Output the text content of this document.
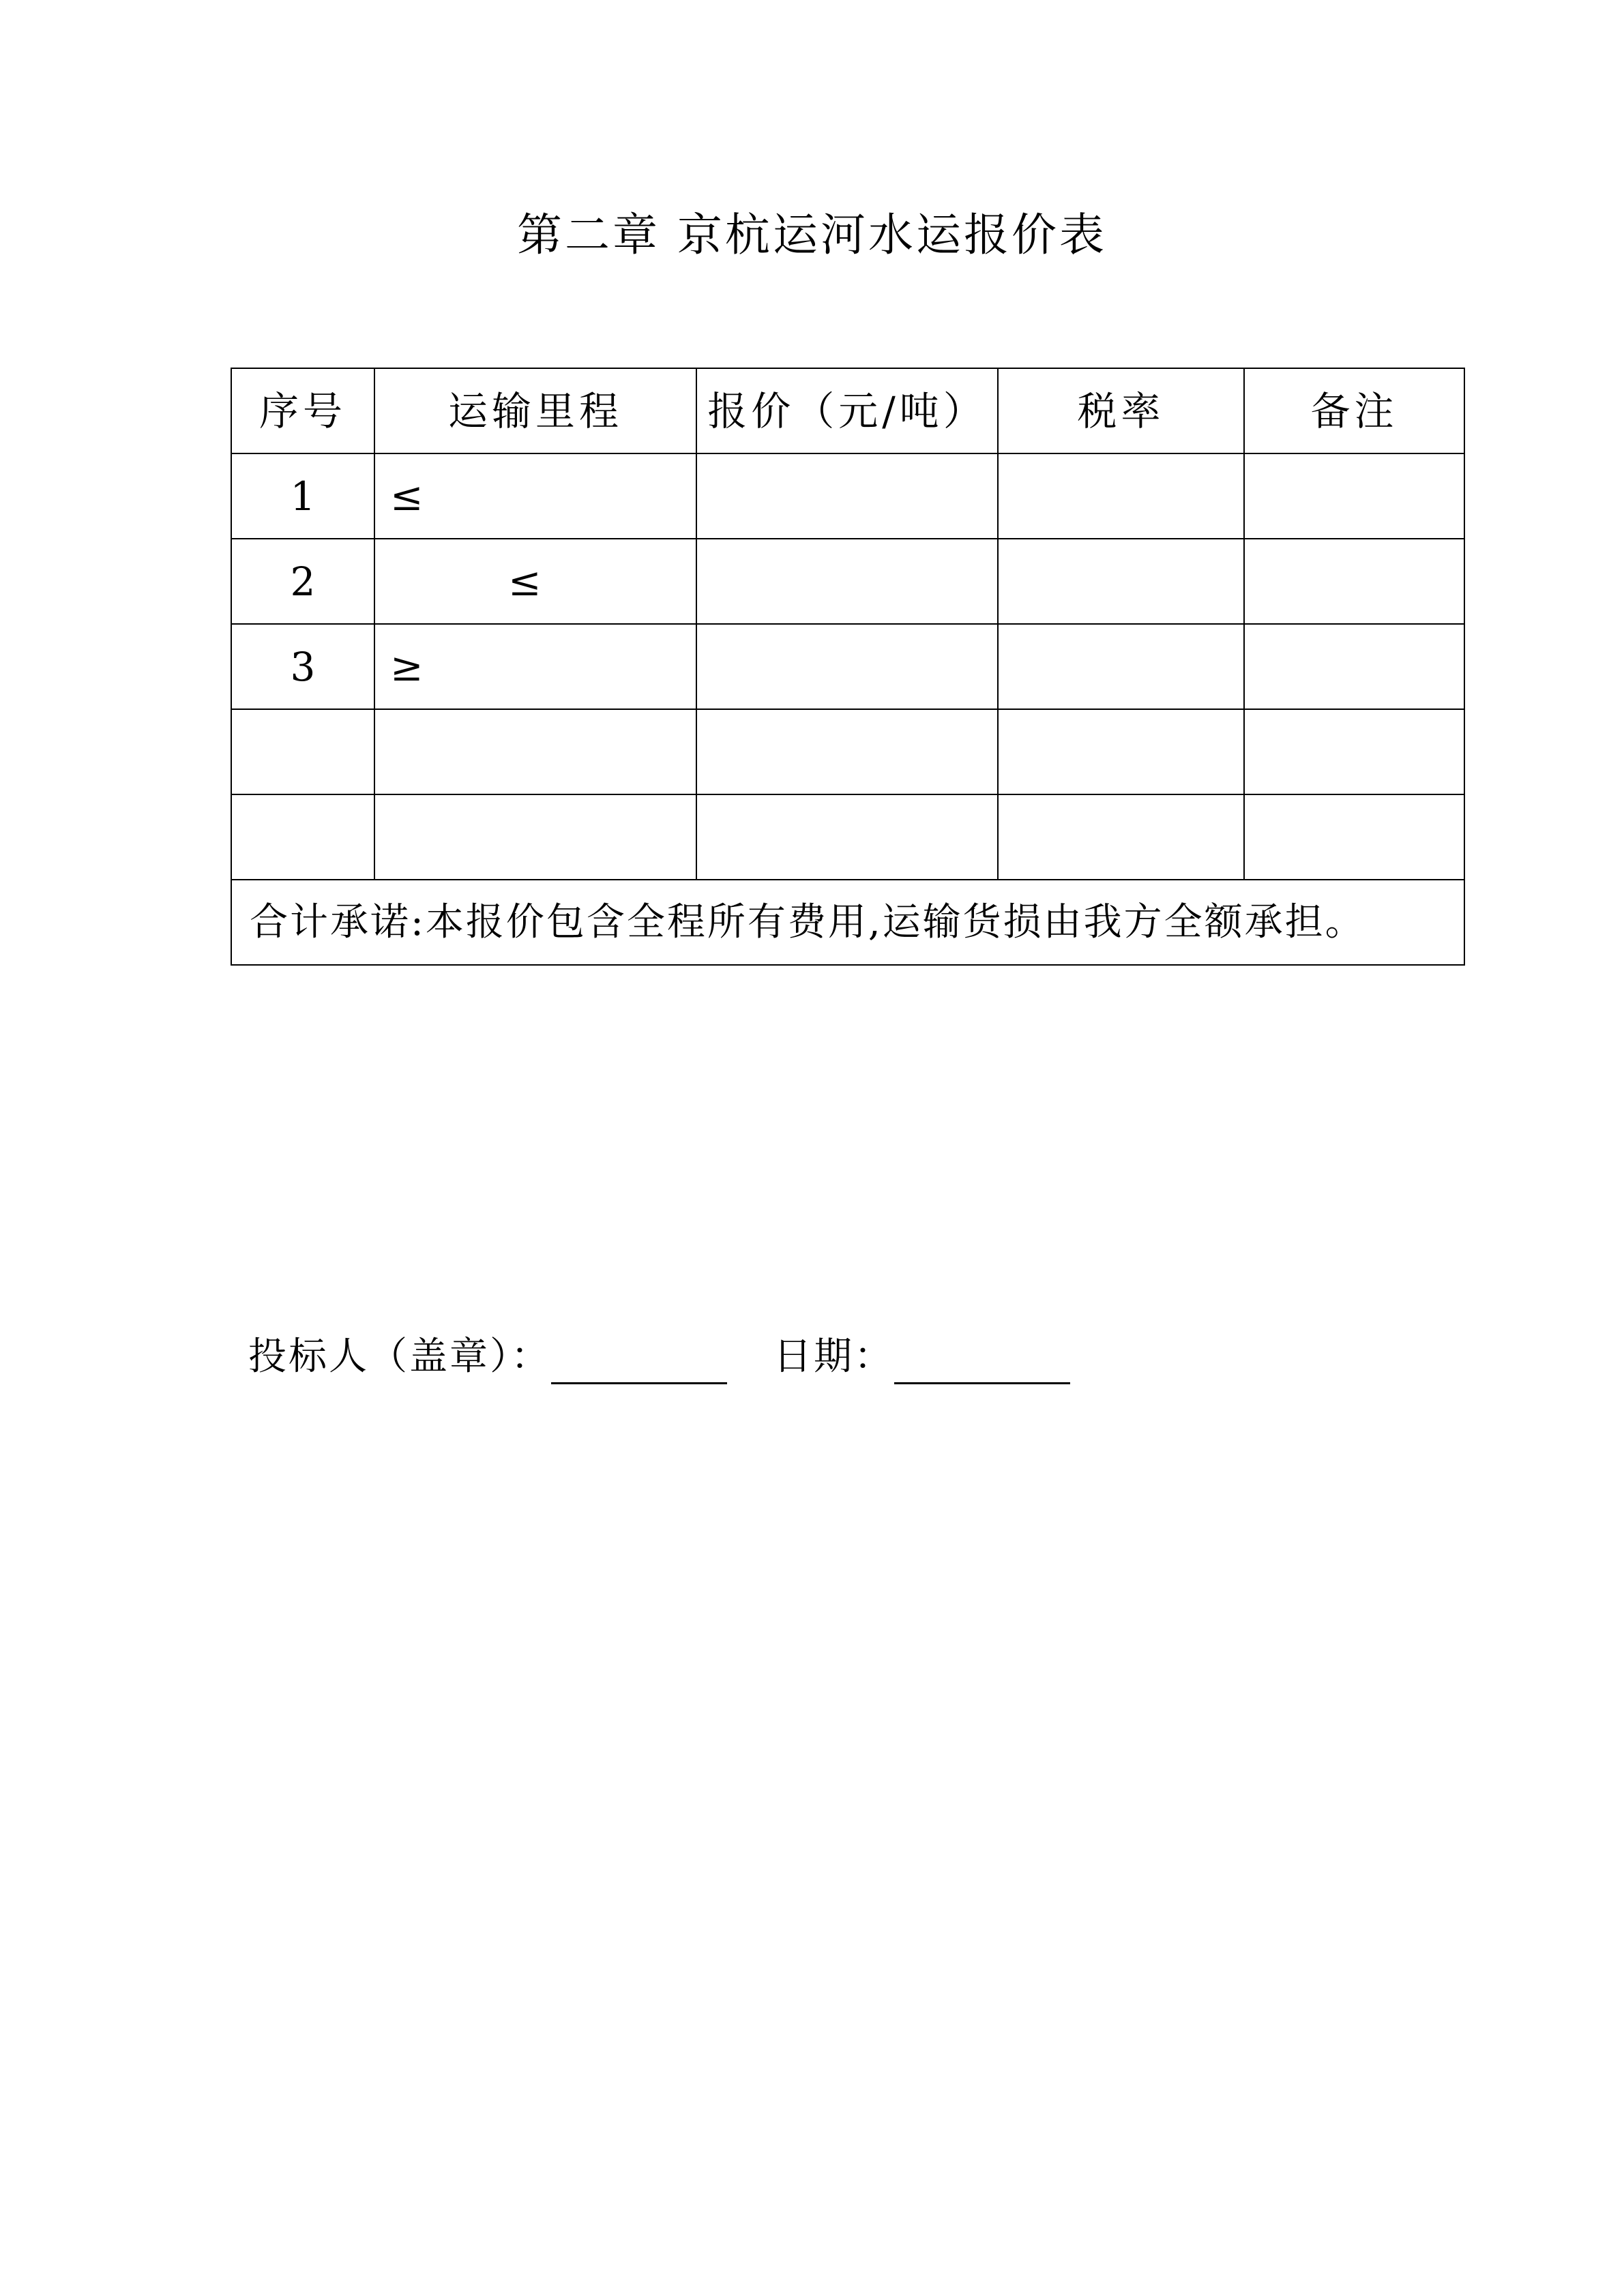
第二章 京杭运河水运报价表
序号	运输里程	报价（元/吨）	税率	备注
1	≤			
2	≤			
3	≥			

合计承诺:本报价包含全程所有费用,运输货损由我方全额承担。				
投标人（盖章）：	日期：
